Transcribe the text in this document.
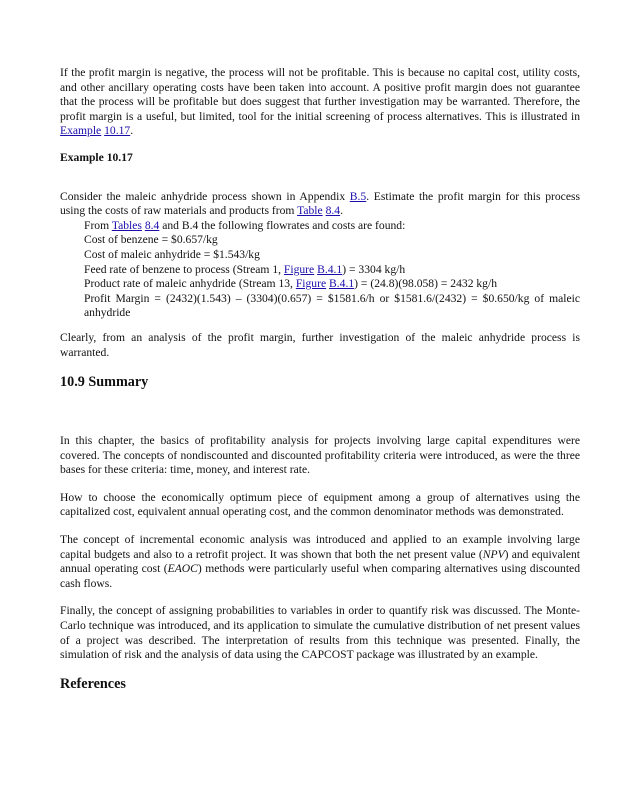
If the profit margin is negative, the process will not be profitable. This is because no capital cost, utility costs, and other ancillary operating costs have been taken into account. A positive profit margin does not guarantee that the process will be profitable but does suggest that further investigation may be warranted. Therefore, the profit margin is a useful, but limited, tool for the initial screening of process alternatives. This is illustrated in Example 10.17.

Example 10.17

Consider the maleic anhydride process shown in Appendix B.5. Estimate the profit margin for this process using the costs of raw materials and products from Table 8.4.

From Tables 8.4 and B.4 the following flowrates and costs are found:

Cost of benzene = $0.657/kg

Cost of maleic anhydride = $1.543/kg

Feed rate of benzene to process (Stream 1, Figure B.4.1) = 3304 kg/h

Product rate of maleic anhydride (Stream 13, Figure B.4.1) = (24.8)(98.058) = 2432 kg/h

Profit Margin = (2432)(1.543) – (3304)(0.657) = $1581.6/h or $1581.6/(2432) = $0.650/kg of maleic anhydride

Clearly, from an analysis of the profit margin, further investigation of the maleic anhydride process is warranted.

10.9 Summary

In this chapter, the basics of profitability analysis for projects involving large capital expenditures were covered. The concepts of nondiscounted and discounted profitability criteria were introduced, as were the three bases for these criteria: time, money, and interest rate.

How to choose the economically optimum piece of equipment among a group of alternatives using the capitalized cost, equivalent annual operating cost, and the common denominator methods was demonstrated.

The concept of incremental economic analysis was introduced and applied to an example involving large capital budgets and also to a retrofit project. It was shown that both the net present value (NPV) and equivalent annual operating cost (EAOC) methods were particularly useful when comparing alternatives using discounted cash flows.

Finally, the concept of assigning probabilities to variables in order to quantify risk was discussed. The Monte-Carlo technique was introduced, and its application to simulate the cumulative distribution of net present values of a project was described. The interpretation of results from this technique was presented. Finally, the simulation of risk and the analysis of data using the CAPCOST package was illustrated by an example.

References
